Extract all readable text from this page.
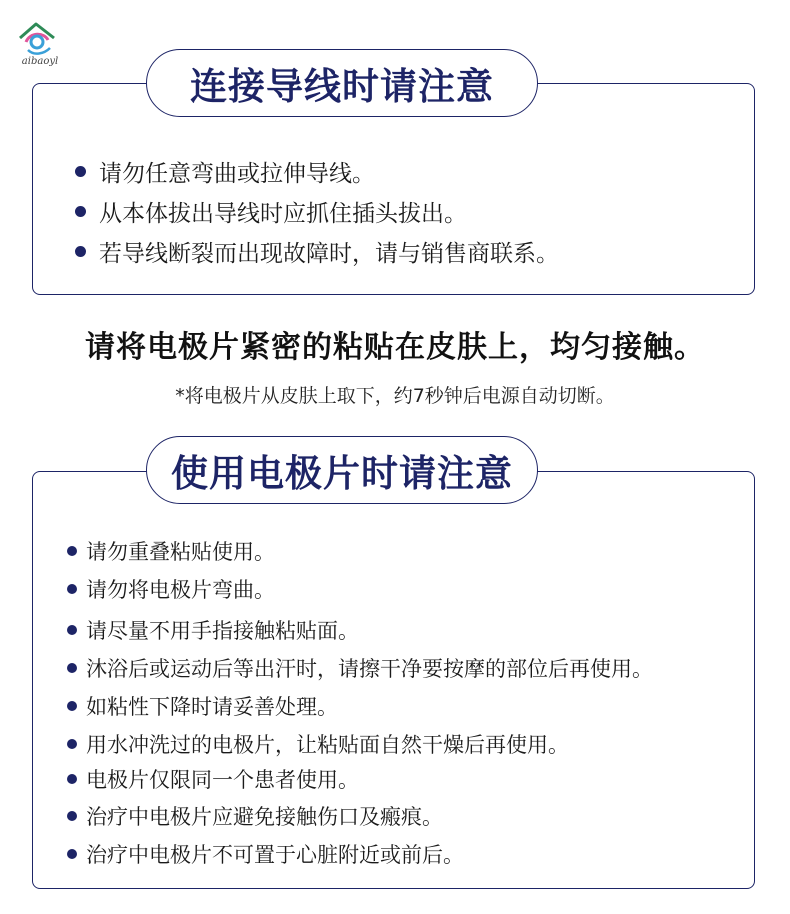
aibaoyl
请勿任意弯曲或拉伸导线。
从本体拔出导线时应抓住插头拔出。
若导线断裂而出现故障时，请与销售商联系。
连接导线时请注意
请将电极片紧密的粘贴在皮肤上，均匀接触。
*将电极片从皮肤上取下，约7秒钟后电源自动切断。
请勿重叠粘贴使用。
请勿将电极片弯曲。
请尽量不用手指接触粘贴面。
沐浴后或运动后等出汗时，请擦干净要按摩的部位后再使用。
如粘性下降时请妥善处理。
用水冲洗过的电极片，让粘贴面自然干燥后再使用。
电极片仅限同一个患者使用。
治疗中电极片应避免接触伤口及瘢痕。
治疗中电极片不可置于心脏附近或前后。
使用电极片时请注意
